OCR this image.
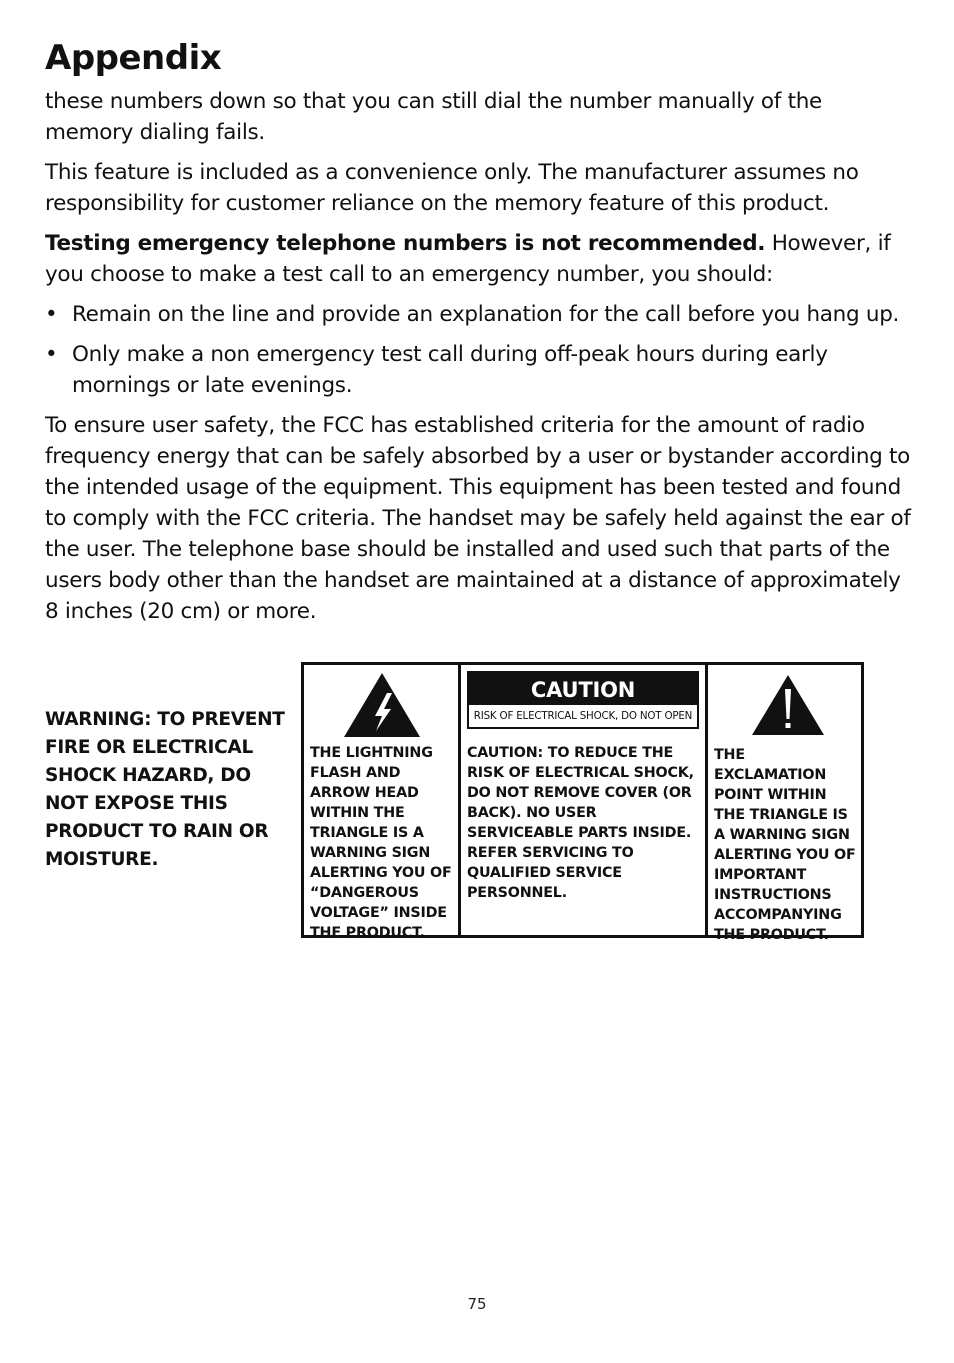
Appendix

these numbers down so that you can still dial the number manually of the memory dialing fails.

This feature is included as a convenience only. The manufacturer assumes no responsibility for customer reliance on the memory feature of this product.

Testing emergency telephone numbers is not recommended. However, if you choose to make a test call to an emergency number, you should:

• Remain on the line and provide an explanation for the call before you hang up.
• Only make a non emergency test call during off-peak hours during early mornings or late evenings.

To ensure user safety, the FCC has established criteria for the amount of radio frequency energy that can be safely absorbed by a user or bystander according to the intended usage of the equipment. This equipment has been tested and found to comply with the FCC criteria. The handset may be safely held against the ear of the user. The telephone base should be installed and used such that parts of the users body other than the handset are maintained at a distance of approximately 8 inches (20 cm) or more.

WARNING: TO PREVENT FIRE OR ELECTRICAL SHOCK HAZARD, DO NOT EXPOSE THIS PRODUCT TO RAIN OR MOISTURE.
THE LIGHTNING FLASH AND ARROW HEAD WITHIN THE TRIANGLE IS A WARNING SIGN ALERTING YOU OF “DANGEROUS VOLTAGE” INSIDE THE PRODUCT.
CAUTION
RISK OF ELECTRICAL SHOCK, DO NOT OPEN
CAUTION: TO REDUCE THE RISK OF ELECTRICAL SHOCK, DO NOT REMOVE COVER (OR BACK). NO USER SERVICEABLE PARTS INSIDE. REFER SERVICING TO QUALIFIED SERVICE PERSONNEL.
THE EXCLAMATION POINT WITHIN THE TRIANGLE IS A WARNING SIGN ALERTING YOU OF IMPORTANT INSTRUCTIONS ACCOMPANYING THE PRODUCT.
75
